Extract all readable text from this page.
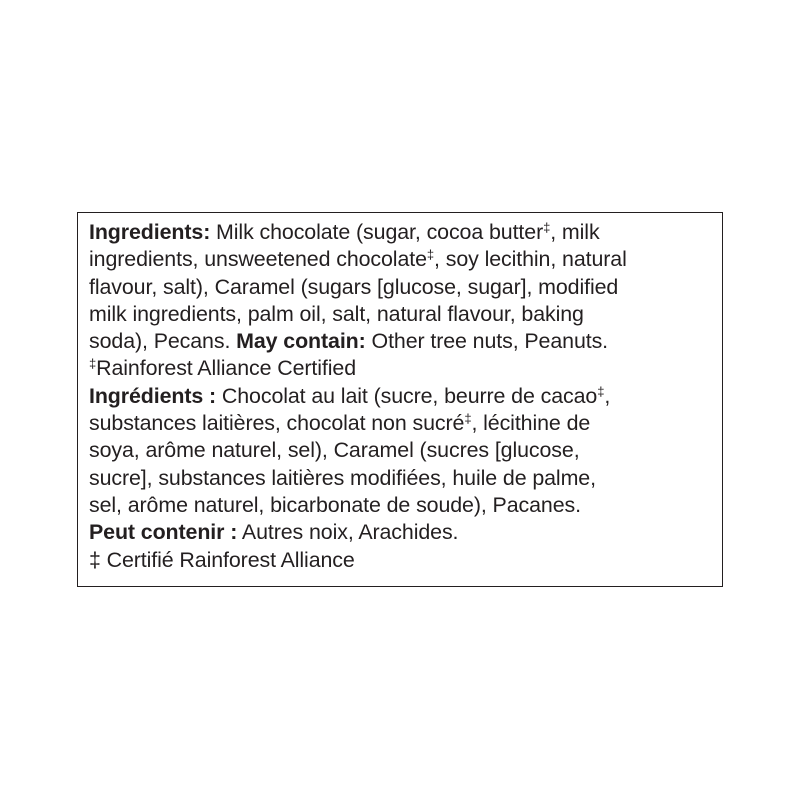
Ingredients: Milk chocolate (sugar, cocoa butter‡, milk
ingredients, unsweetened chocolate‡, soy lecithin, natural
flavour, salt), Caramel (sugars [glucose, sugar], modified
milk ingredients, palm oil, salt, natural flavour, baking
soda), Pecans. May contain: Other tree nuts, Peanuts.
‡Rainforest Alliance Certified
Ingrédients : Chocolat au lait (sucre, beurre de cacao‡,
substances laitières, chocolat non sucré‡, lécithine de
soya, arôme naturel, sel), Caramel (sucres [glucose,
sucre], substances laitières modifiées, huile de palme,
sel, arôme naturel, bicarbonate de soude), Pacanes.
Peut contenir : Autres noix, Arachides.
‡ Certifié Rainforest Alliance
